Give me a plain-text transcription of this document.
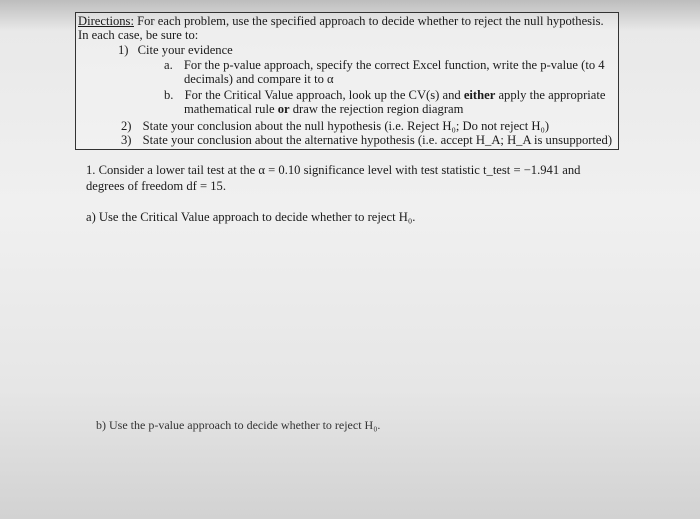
Directions: For each problem, use the specified approach to decide whether to reject the null hypothesis.
In each case, be sure to:
1) Cite your evidence
a. For the p-value approach, specify the correct Excel function, write the p-value (to 4
decimals) and compare it to α
b. For the Critical Value approach, look up the CV(s) and either apply the appropriate
mathematical rule or draw the rejection region diagram
2) State your conclusion about the null hypothesis (i.e. Reject H₀; Do not reject H₀)
3) State your conclusion about the alternative hypothesis (i.e. accept H_A; H_A is unsupported)
1. Consider a lower tail test at the α = 0.10 significance level with test statistic t_test = −1.941 and
degrees of freedom df = 15.
a) Use the Critical Value approach to decide whether to reject H₀.
b) Use the p-value approach to decide whether to reject H₀.
